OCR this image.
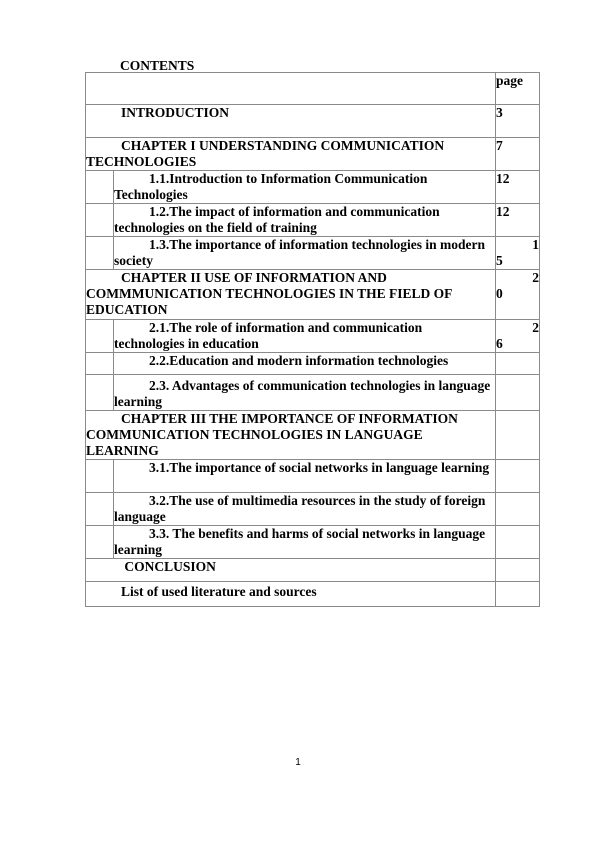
CONTENTS

		page

INTRODUCTION		3

CHAPTER I UNDERSTANDING COMMUNICATION TECHNOLOGIES		7

	1.1.Introduction to Information Communication Technologies	12

	1.2.The impact of information and communication technologies on the field of training	12

	1.3.The importance of information technologies in modern society	1
5

CHAPTER II USE OF INFORMATION AND COMMMUNICATION TECHNOLOGIES IN THE FIELD OF EDUCATION		2
0

	2.1.The role of information and communication technologies in education	2
6

	2.2.Education and modern information technologies	

	2.3. Advantages of communication technologies in language learning	

CHAPTER III THE IMPORTANCE OF INFORMATION COMMUNICATION TECHNOLOGIES IN LANGUAGE LEARNING		

	3.1.The importance of social networks in language learning	

	3.2.The use of multimedia resources in the study of foreign language	

	3.3. The benefits and harms of social networks in language learning	

CONCLUSION		

List of used literature and sources		

1
